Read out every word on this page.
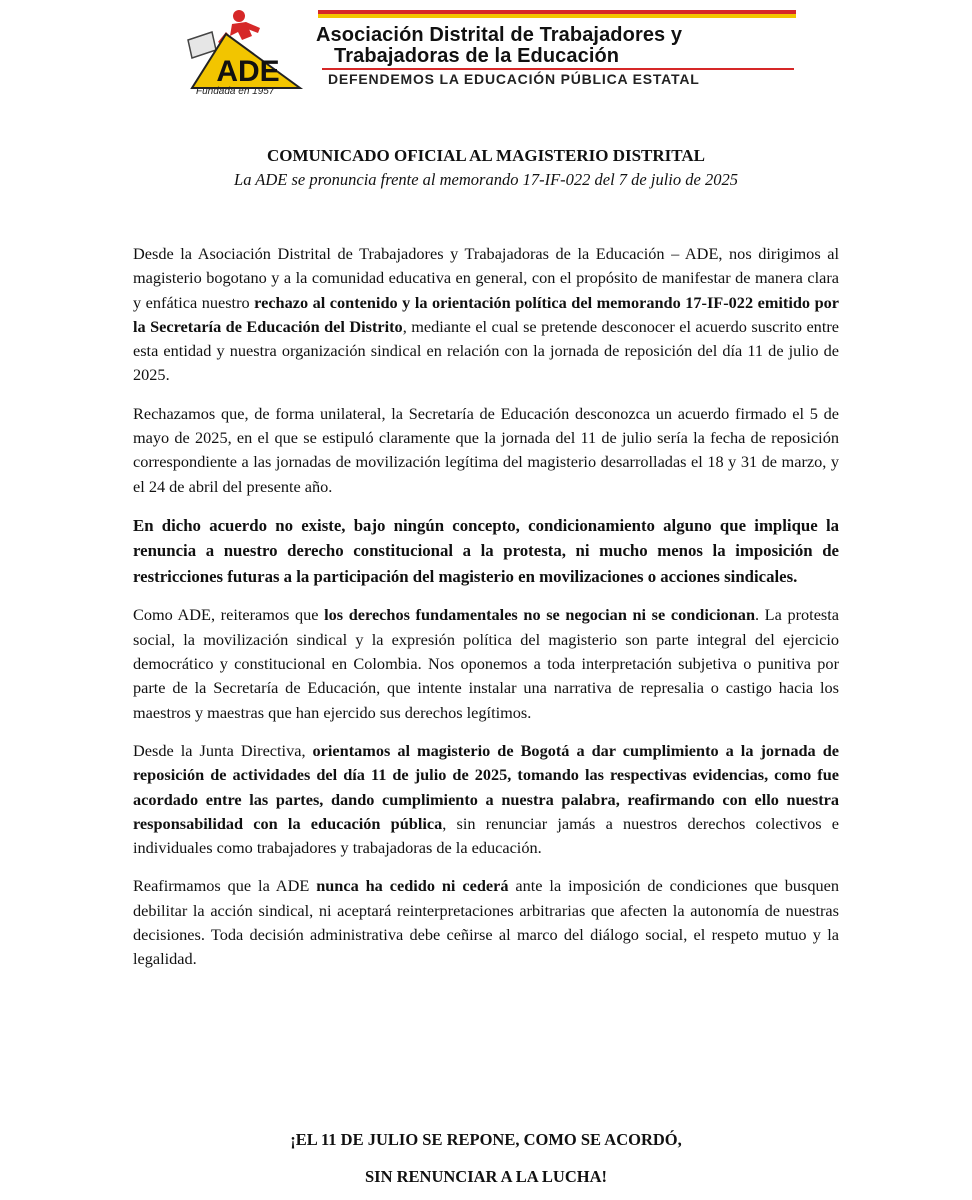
ADE
Fundada en 1957
Asociación Distrital de Trabajadores y
Trabajadoras de la Educación
DEFENDEMOS LA EDUCACIÓN PÚBLICA ESTATAL
COMUNICADO OFICIAL AL MAGISTERIO DISTRITAL
La ADE se pronuncia frente al memorando 17-IF-022 del 7 de julio de 2025

Desde la Asociación Distrital de Trabajadores y Trabajadoras de la Educación – ADE, nos dirigimos al magisterio bogotano y a la comunidad educativa en general, con el propósito de manifestar de manera clara y enfática nuestro rechazo al contenido y la orientación política del memorando 17-IF-022 emitido por la Secretaría de Educación del Distrito, mediante el cual se pretende desconocer el acuerdo suscrito entre esta entidad y nuestra organización sindical en relación con la jornada de reposición del día 11 de julio de 2025.

Rechazamos que, de forma unilateral, la Secretaría de Educación desconozca un acuerdo firmado el 5 de mayo de 2025, en el que se estipuló claramente que la jornada del 11 de julio sería la fecha de reposición correspondiente a las jornadas de movilización legítima del magisterio desarrolladas el 18 y 31 de marzo, y el 24 de abril del presente año.

En dicho acuerdo no existe, bajo ningún concepto, condicionamiento alguno que implique la renuncia a nuestro derecho constitucional a la protesta, ni mucho menos la imposición de restricciones futuras a la participación del magisterio en movilizaciones o acciones sindicales.

Como ADE, reiteramos que los derechos fundamentales no se negocian ni se condicionan. La protesta social, la movilización sindical y la expresión política del magisterio son parte integral del ejercicio democrático y constitucional en Colombia. Nos oponemos a toda interpretación subjetiva o punitiva por parte de la Secretaría de Educación, que intente instalar una narrativa de represalia o castigo hacia los maestros y maestras que han ejercido sus derechos legítimos.

Desde la Junta Directiva, orientamos al magisterio de Bogotá a dar cumplimiento a la jornada de reposición de actividades del día 11 de julio de 2025, tomando las respectivas evidencias, como fue acordado entre las partes, dando cumplimiento a nuestra palabra, reafirmando con ello nuestra responsabilidad con la educación pública, sin renunciar jamás a nuestros derechos colectivos e individuales como trabajadores y trabajadoras de la educación.

Reafirmamos que la ADE nunca ha cedido ni cederá ante la imposición de condiciones que busquen debilitar la acción sindical, ni aceptará reinterpretaciones arbitrarias que afecten la autonomía de nuestras decisiones. Toda decisión administrativa debe ceñirse al marco del diálogo social, el respeto mutuo y la legalidad.

¡EL 11 DE JULIO SE REPONE, COMO SE ACORDÓ,
SIN RENUNCIAR A LA LUCHA!
